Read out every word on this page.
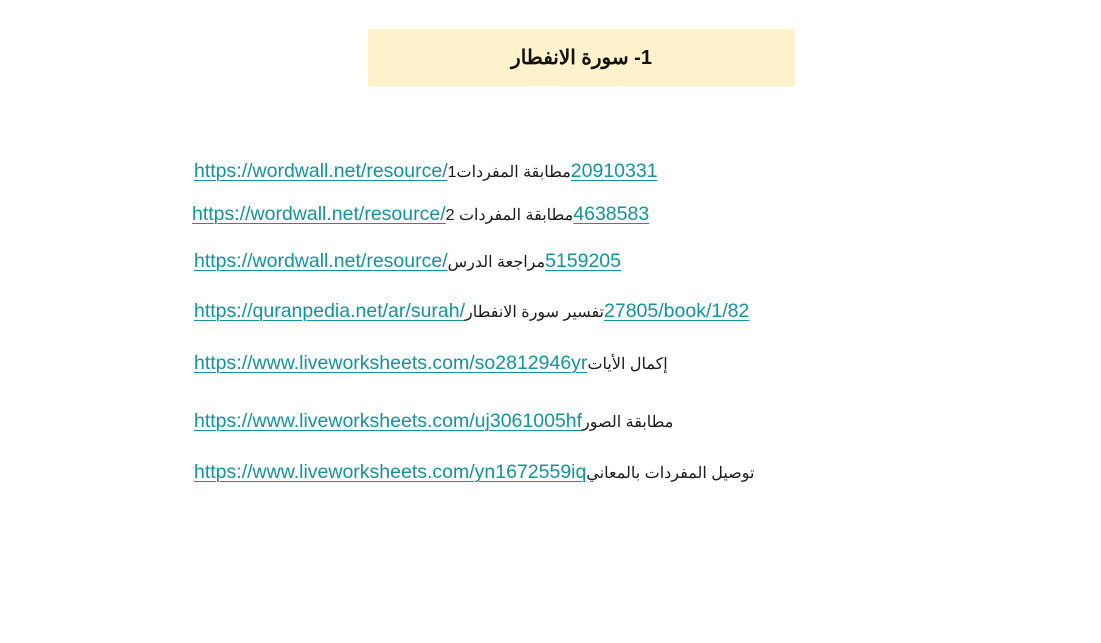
1- سورة الانفطار
https://wordwall.net/resource/مطابقة المفردات120910331
https://wordwall.net/resource/مطابقة المفردات 24638583
https://wordwall.net/resource/مراجعة الدرس5159205
https://quranpedia.net/ar/surah/تفسير سورة الانفطار27805/book/1/82
https://www.liveworksheets.com/so2812946yrإكمال الأيات
https://www.liveworksheets.com/uj3061005hfمطابقة الصور
https://www.liveworksheets.com/yn1672559iqتوصيل المفردات بالمعاني
